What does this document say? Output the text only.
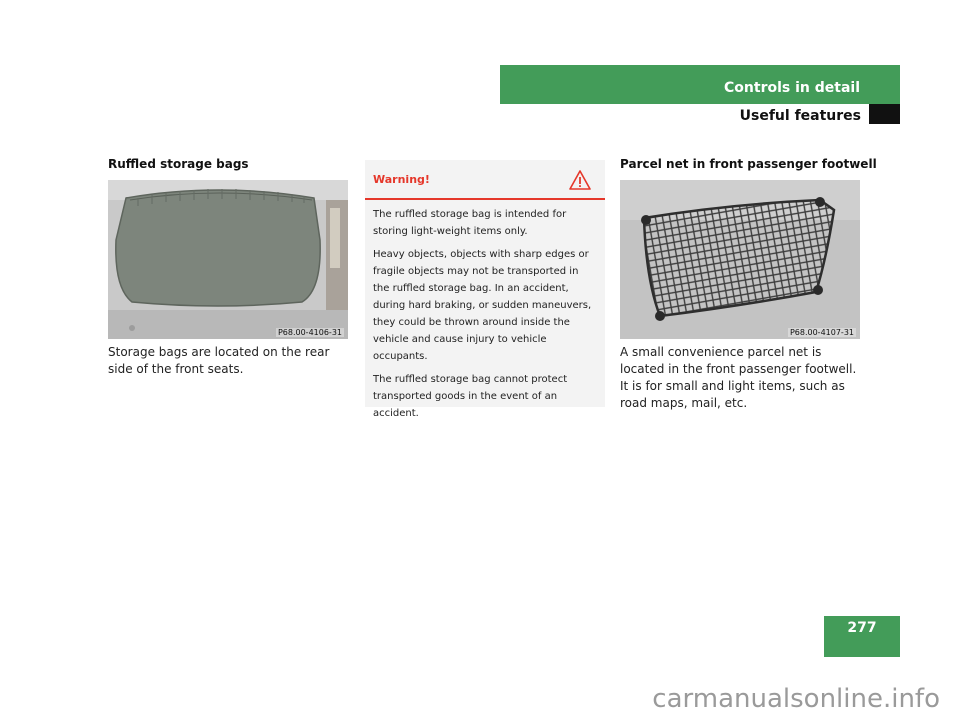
Controls in detail
Useful features
Ruffled storage bags
P68.00-4106-31
Storage bags are located on the rear side of the front seats.
Warning!

The ruffled storage bag is intended for storing light-weight items only.

Heavy objects, objects with sharp edges or fragile objects may not be transported in the ruffled storage bag. In an accident, during hard braking, or sudden maneuvers, they could be thrown around inside the vehicle and cause injury to vehicle occupants.

The ruffled storage bag cannot protect transported goods in the event of an accident.

Parcel net in front passenger footwell
P68.00-4107-31
A small convenience parcel net is located in the front passenger footwell. It is for small and light items, such as road maps, mail, etc.
277
carmanualsonline.info
